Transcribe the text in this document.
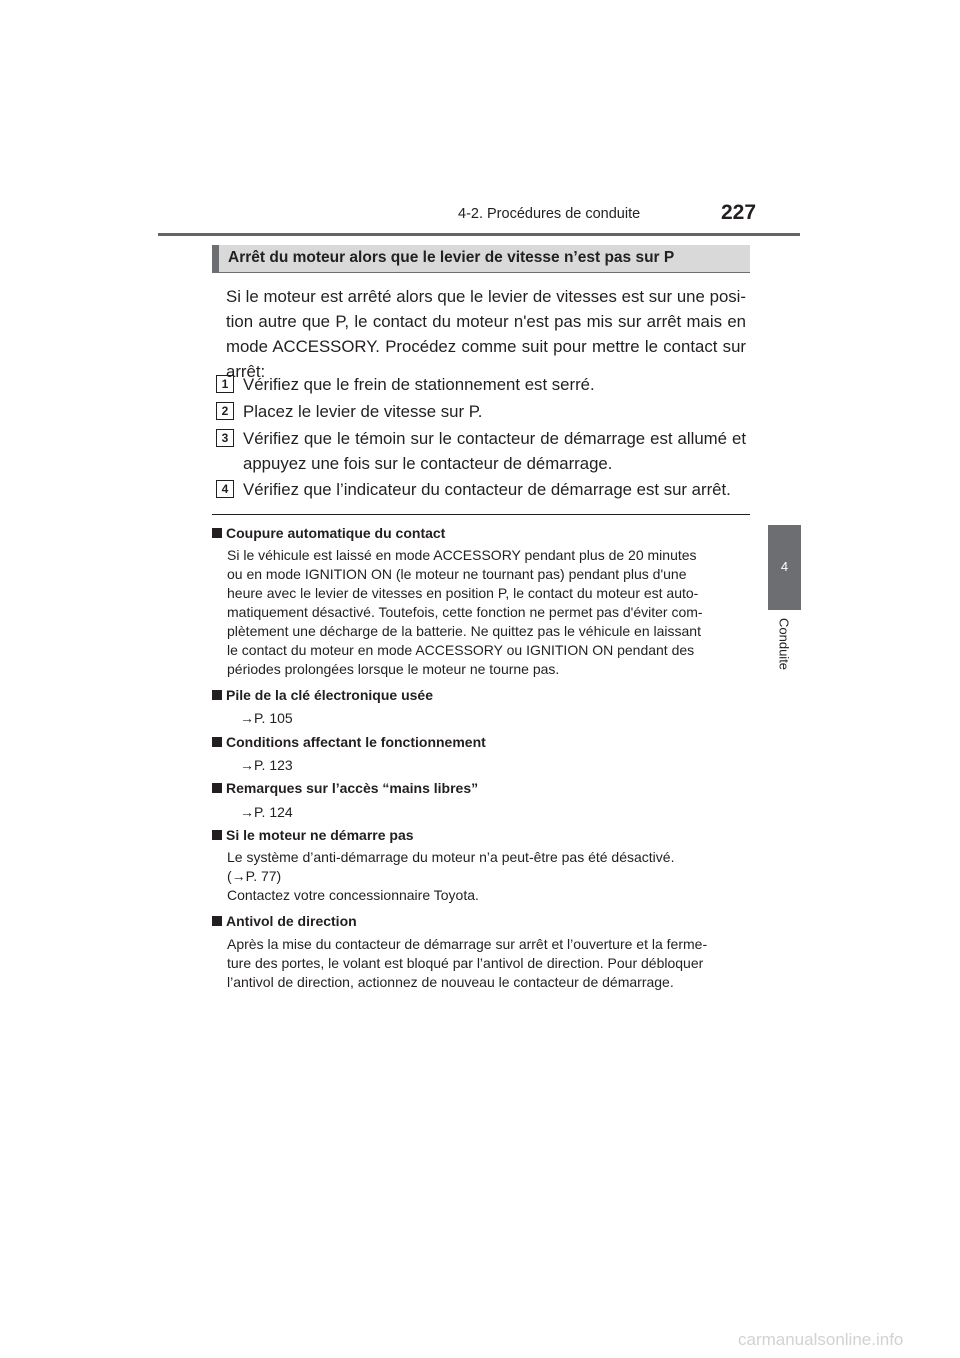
4-2. Procédures de conduite	227
4
Conduite
Arrêt du moteur alors que le levier de vitesse n’est pas sur P
Si le moteur est arrêté alors que le levier de vitesses est sur une posi- tion autre que P, le contact du moteur n'est pas mis sur arrêt mais en mode ACCESSORY. Procédez comme suit pour mettre le contact sur arrêt:
1 Vérifiez que le frein de stationnement est serré.
2 Placez le levier de vitesse sur P.
3 Vérifiez que le témoin sur le contacteur de démarrage est allumé et appuyez une fois sur le contacteur de démarrage.
4 Vérifiez que l’indicateur du contacteur de démarrage est sur arrêt.
Coupure automatique du contact
Si le véhicule est laissé en mode ACCESSORY pendant plus de 20 minutes
ou en mode IGNITION ON (le moteur ne tournant pas) pendant plus d'une
heure avec le levier de vitesses en position P, le contact du moteur est auto-
matiquement désactivé. Toutefois, cette fonction ne permet pas d'éviter com-
plètement une décharge de la batterie. Ne quittez pas le véhicule en laissant
le contact du moteur en mode ACCESSORY ou IGNITION ON pendant des
périodes prolongées lorsque le moteur ne tourne pas.
Pile de la clé électronique usée
→P. 105
Conditions affectant le fonctionnement
→P. 123
Remarques sur l’accès “mains libres”
→P. 124
Si le moteur ne démarre pas
Le système d’anti-démarrage du moteur n’a peut-être pas été désactivé.
(→P. 77)
Contactez votre concessionnaire Toyota.
Antivol de direction
Après la mise du contacteur de démarrage sur arrêt et l’ouverture et la ferme-
ture des portes, le volant est bloqué par l’antivol de direction. Pour débloquer
l’antivol de direction, actionnez de nouveau le contacteur de démarrage.
carmanualsonline.info
